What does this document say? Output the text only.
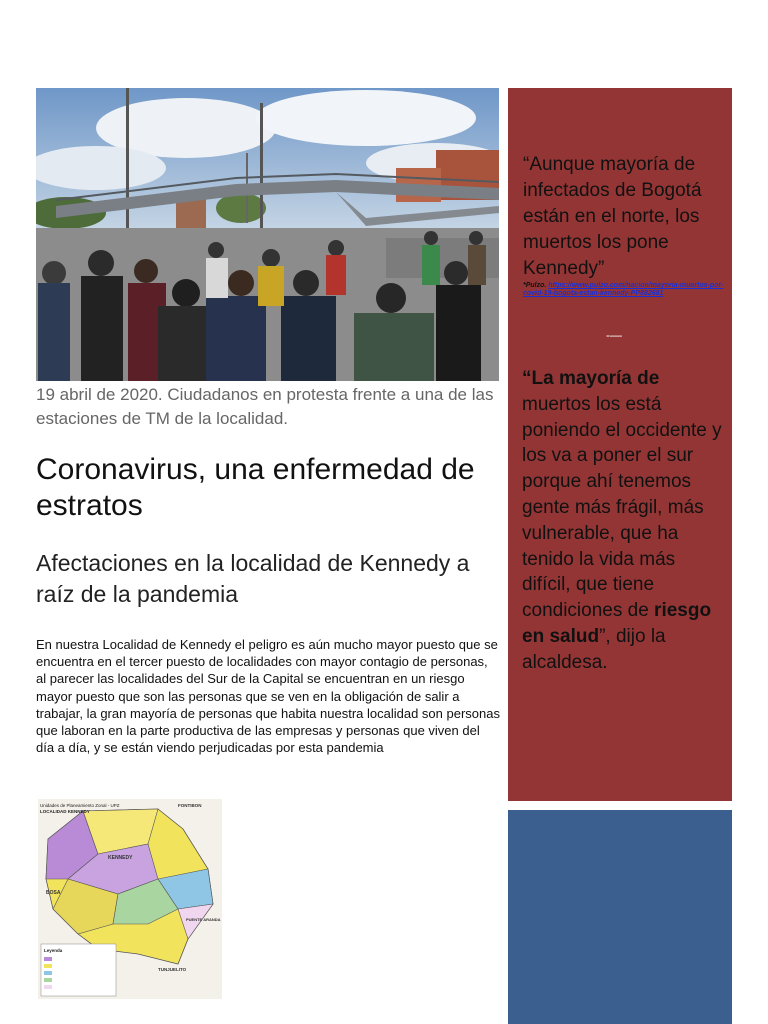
19 abril de 2020. Ciudadanos en protesta frente a una de las estaciones de TM de la localidad.
Coronavirus, una enfermedad de estratos
Afectaciones en la localidad de Kennedy a raíz de la pandemia

En nuestra Localidad de Kennedy el peligro es aún mucho mayor puesto que se encuentra en el tercer puesto de localidades con mayor contagio de personas, al parecer las localidades del Sur de la Capital se encuentran en un riesgo mayor puesto que son las personas que se ven en la obligación de salir a trabajar, la gran mayoría de personas que habita nuestra localidad son personas que laboran en la parte productiva de las empresas y personas que viven del día a día, y se están viendo perjudicadas por esta pandemia

Unidades de Planeamiento Zonal - UPZ
LOCALIDAD KENNEDY
KENNEDY
FONTIBON
BOSA
PUENTE ARANDA
TUNJUELITO
Leyenda
“Aunque mayoría de infectados de Bogotá están en el norte, los muertos los pone Kennedy”
*Pulzo. https://www.pulzo.com/nacion/mayoria-muertos-por-covid-19-bogota-estan-kennedy-PP882681
-—
“La mayoría de muertos los está poniendo el occidente y los va a poner el sur porque ahí tenemos gente más frágil, más vulnerable, que ha tenido la vida más difícil, que tiene condiciones de riesgo en salud”, dijo la alcaldesa.
